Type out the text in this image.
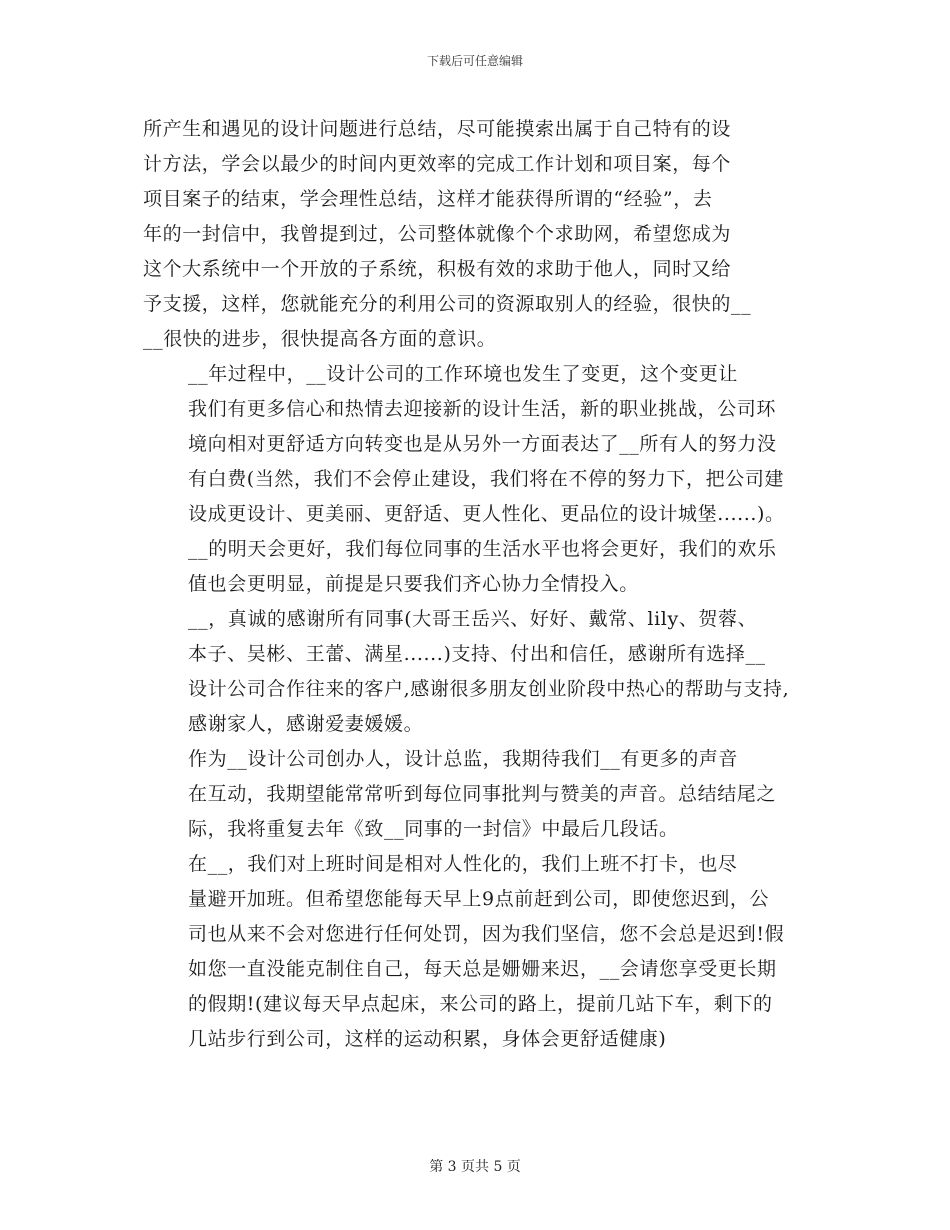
下载后可任意编辑
所产生和遇见的设计问题进行总结，尽可能摸索出属于自己特有的设
计方法，学会以最少的时间内更效率的完成工作计划和项目案，每个
项目案子的结束，学会理性总结，这样才能获得所谓的“经验”，去
年的一封信中，我曾提到过，公司整体就像个个求助网，希望您成为
这个大系统中一个开放的子系统，积极有效的求助于他人，同时又给
予支援，这样，您就能充分的利用公司的资源取别人的经验，很快的__
__很快的进步，很快提高各方面的意识。
__年过程中，__设计公司的工作环境也发生了变更，这个变更让
我们有更多信心和热情去迎接新的设计生活，新的职业挑战，公司环
境向相对更舒适方向转变也是从另外一方面表达了__所有人的努力没
有白费(当然，我们不会停止建设，我们将在不停的努力下，把公司建
设成更设计、更美丽、更舒适、更人性化、更品位的设计城堡......)。
__的明天会更好，我们每位同事的生活水平也将会更好，我们的欢乐
值也会更明显，前提是只要我们齐心协力全情投入。
__，真诚的感谢所有同事(大哥王岳兴、好好、戴常、lily、贺蓉、
本子、吴彬、王蕾、满星......)支持、付出和信任，感谢所有选择__
设计公司合作往来的客户,感谢很多朋友创业阶段中热心的帮助与支持,
感谢家人，感谢爱妻媛媛。
作为__设计公司创办人，设计总监，我期待我们__有更多的声音
在互动，我期望能常常听到每位同事批判与赞美的声音。总结结尾之
际，我将重复去年《致__同事的一封信》中最后几段话。
在__，我们对上班时间是相对人性化的，我们上班不打卡，也尽
量避开加班。但希望您能每天早上9点前赶到公司，即使您迟到，公
司也从来不会对您进行任何处罚，因为我们坚信，您不会总是迟到!假
如您一直没能克制住自己，每天总是姗姗来迟，__会请您享受更长期
的假期!(建议每天早点起床，来公司的路上，提前几站下车，剩下的
几站步行到公司，这样的运动积累，身体会更舒适健康)
第 3 页共 5 页
